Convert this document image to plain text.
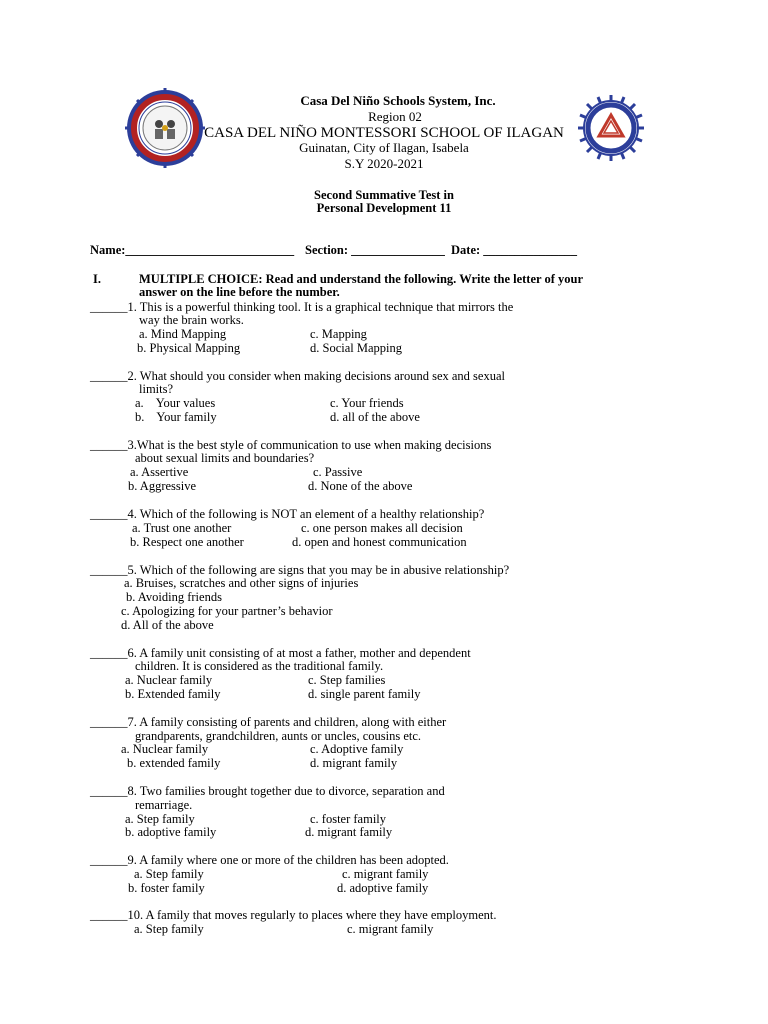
Casa Del Niño Schools System, Inc.
Region 02
CASA DEL NIÑO MONTESSORI SCHOOL OF ILAGAN
Guinatan, City of Ilagan, Isabela
S.Y 2020-2021
Second Summative Test in
Personal Development 11
Name:___________________________ Section: _______________ Date: _______________
I.	MULTIPLE CHOICE: Read and understand the following. Write the letter of your
answer on the line before the number.
______1. This is a powerful thinking tool. It is a graphical technique that mirrors the
way the brain works.
a. Mind Mapping	c. Mapping
b. Physical Mapping	d. Social Mapping
______2. What should you consider when making decisions around sex and sexual
limits?
a.    Your values	c. Your friends
b.    Your family	d. all of the above
______3.What is the best style of communication to use when making decisions
about sexual limits and boundaries?
a. Assertive	c. Passive
b. Aggressive	d. None of the above
______4. Which of the following is NOT an element of a healthy relationship?
a. Trust one another	c. one person makes all decision
b. Respect one another	d. open and honest communication
______5. Which of the following are signs that you may be in abusive relationship?
a. Bruises, scratches and other signs of injuries
b. Avoiding friends
c. Apologizing for your partner’s behavior
d. All of the above
______6. A family unit consisting of at most a father, mother and dependent
children. It is considered as the traditional family.
a. Nuclear family	c. Step families
b. Extended family	d. single parent family
______7. A family consisting of parents and children, along with either
grandparents, grandchildren, aunts or uncles, cousins etc.
a. Nuclear family	c. Adoptive family
b. extended family	d. migrant family
______8. Two families brought together due to divorce, separation and
remarriage.
a. Step family	c. foster family
b. adoptive family	d. migrant family
______9. A family where one or more of the children has been adopted.
a. Step family	c. migrant family
b. foster family	d. adoptive family
______10. A family that moves regularly to places where they have employment.
a. Step family	c. migrant family
